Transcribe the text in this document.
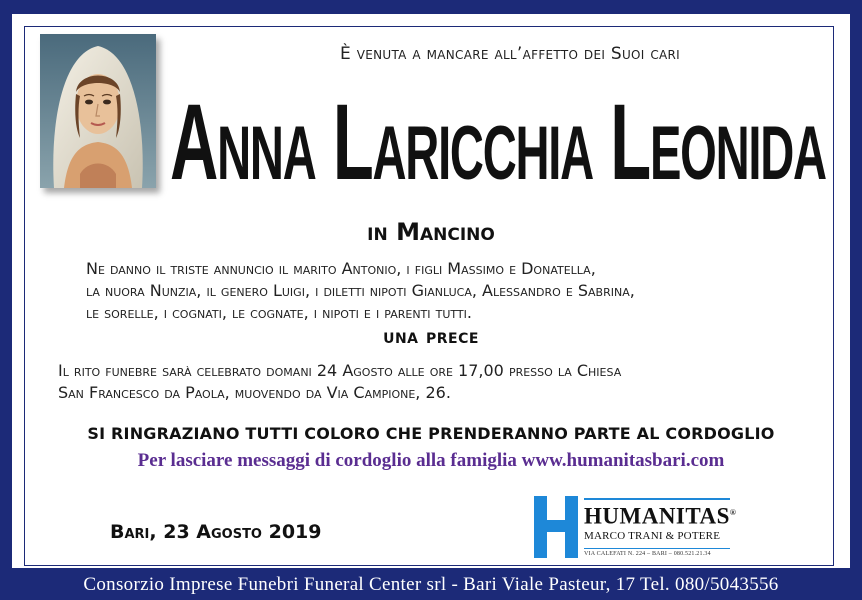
È venuta a mancare all’affetto dei Suoi cari
Anna Laricchia Leonida
in Mancino
Ne danno il triste annuncio il marito Antonio, i figli Massimo e Donatella,
la nuora Nunzia, il genero Luigi, i diletti nipoti Gianluca, Alessandro e Sabrina,
le sorelle, i cognati, le cognate, i nipoti e i parenti tutti.
una prece
Il rito funebre sarà celebrato domani 24 Agosto alle ore 17,00 presso la Chiesa
San Francesco da Paola, muovendo da Via Campione, 26.
SI RINGRAZIANO TUTTI COLORO CHE PRENDERANNO PARTE AL CORDOGLIO
Per lasciare messaggi di cordoglio alla famiglia www.humanitasbari.com
Bari, 23 Agosto 2019
HUMANITAS®
MARCO TRANI & POTERE
VIA CALEFATI N. 224 – BARI – 080.521.21.34
Consorzio Imprese Funebri Funeral Center srl - Bari Viale Pasteur, 17 Tel. 080/5043556
